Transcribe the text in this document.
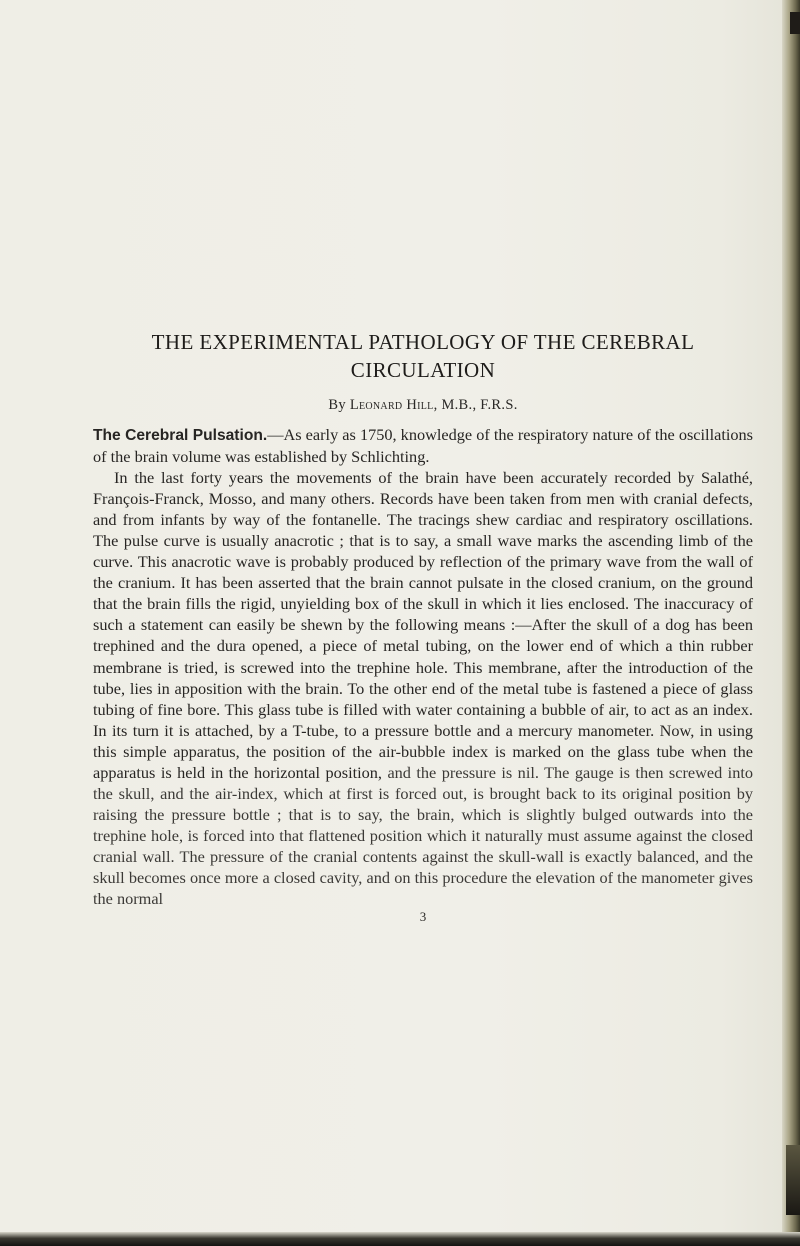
THE EXPERIMENTAL PATHOLOGY OF THE CEREBRAL
CIRCULATION
By Leonard Hill, M.B., F.R.S.

The Cerebral Pulsation.—As early as 1750, knowledge of the respiratory nature of the oscillations of the brain volume was established by Schlichting.

In the last forty years the movements of the brain have been accurately recorded by Salathé, François-Franck, Mosso, and many others. Records have been taken from men with cranial defects, and from infants by way of the fontanelle. The tracings shew cardiac and respiratory oscillations. The pulse curve is usually anacrotic ; that is to say, a small wave marks the ascending limb of the curve. This anacrotic wave is probably produced by reflection of the primary wave from the wall of the cranium. It has been asserted that the brain cannot pulsate in the closed cranium, on the ground that the brain fills the rigid, unyielding box of the skull in which it lies enclosed. The inaccuracy of such a statement can easily be shewn by the following means :—After the skull of a dog has been trephined and the dura opened, a piece of metal tubing, on the lower end of which a thin rubber membrane is tried, is screwed into the trephine hole. This membrane, after the introduction of the tube, lies in apposition with the brain. To the other end of the metal tube is fastened a piece of glass tubing of fine bore. This glass tube is filled with water containing a bubble of air, to act as an index. In its turn it is attached, by a T-tube, to a pressure bottle and a mercury manometer. Now, in using this simple apparatus, the position of the air-bubble index is marked on the glass tube when the apparatus is held in the horizontal position, and the pressure is nil. The gauge is then screwed into the skull, and the air-index, which at first is forced out, is brought back to its original position by raising the pressure bottle ; that is to say, the brain, which is slightly bulged outwards into the trephine hole, is forced into that flattened position which it naturally must assume against the closed cranial wall. The pressure of the cranial contents against the skull-wall is exactly balanced, and the skull becomes once more a closed cavity, and on this procedure the elevation of the manometer gives the normal

3
